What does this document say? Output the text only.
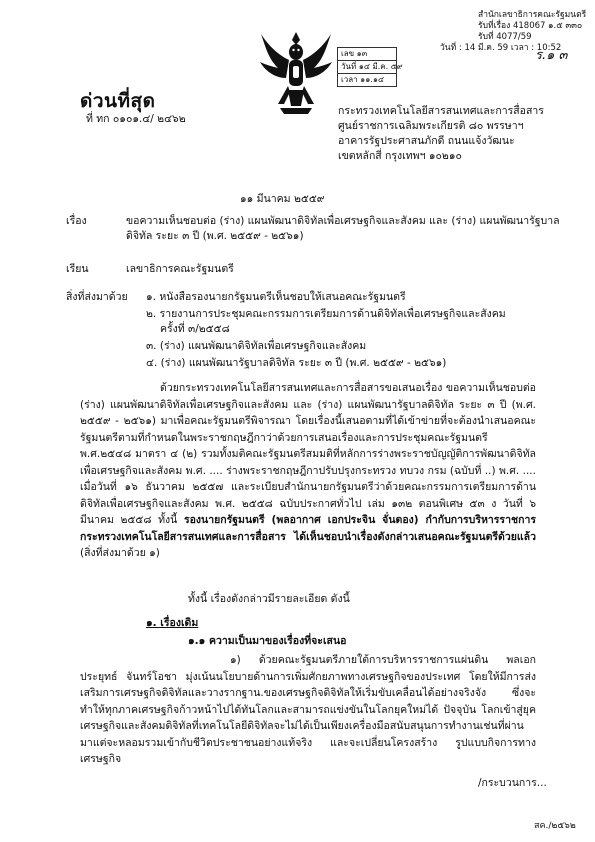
สำนักเลขาธิการคณะรัฐมนตรี
รับที่เรื่อง 418067 ๑.๕ ๓๓๐
รับที่ 4077/59
วันที่ : 14 มี.ค. 59 เวลา : 10:52
ร.๑ ๓
เลข ๑๓
วันที่ ๑๔ มี.ค. ๕๙
เวลา ๑๑.๑๔
ด่วนที่สุด
ที่ ทก ๐๑๐๑.๔/ ๒๔๖๒
กระทรวงเทคโนโลยีสารสนเทศและการสื่อสาร
ศูนย์ราชการเฉลิมพระเกียรติ ๘๐ พรรษาฯ
อาคารรัฐประศาสนภักดี ถนนแจ้งวัฒนะ
เขตหลักสี่ กรุงเทพฯ ๑๐๒๑๐
๑๑ มีนาคม ๒๕๕๙
เรื่อง	ขอความเห็นชอบต่อ (ร่าง) แผนพัฒนาดิจิทัลเพื่อเศรษฐกิจและสังคม และ (ร่าง) แผนพัฒนารัฐบาล
ดิจิทัล ระยะ ๓ ปี (พ.ศ. ๒๕๕๙ - ๒๕๖๑)
เรียน	เลขาธิการคณะรัฐมนตรี
สิ่งที่ส่งมาด้วย ๑. หนังสือรองนายกรัฐมนตรีเห็นชอบให้เสนอคณะรัฐมนตรี
๒. รายงานการประชุมคณะกรรมการเตรียมการด้านดิจิทัลเพื่อเศรษฐกิจและสังคม
ครั้งที่ ๓/๒๕๕๘
๓. (ร่าง) แผนพัฒนาดิจิทัลเพื่อเศรษฐกิจและสังคม
๔. (ร่าง) แผนพัฒนารัฐบาลดิจิทัล ระยะ ๓ ปี (พ.ศ. ๒๕๕๙ - ๒๕๖๑)
ด้วยกระทรวงเทคโนโลยีสารสนเทศและการสื่อสารขอเสนอเรื่อง ขอความเห็นชอบต่อ (ร่าง) แผนพัฒนาดิจิทัลเพื่อเศรษฐกิจและสังคม และ (ร่าง) แผนพัฒนารัฐบาลดิจิทัล ระยะ ๓ ปี (พ.ศ. ๒๕๕๙ - ๒๕๖๑) มาเพื่อคณะรัฐมนตรีพิจารณา โดยเรื่องนี้เสนอตามที่ได้เข้าข่ายที่จะต้องนำเสนอคณะรัฐมนตรีตามที่กำหนดในพระราชกฤษฎีกาว่าด้วยการเสนอเรื่องและการประชุมคณะรัฐมนตรี พ.ศ.๒๕๔๘ มาตรา ๔ (๒) รวมทั้งมติคณะรัฐมนตรีสมมติที่หลักการร่างพระราชบัญญัติการพัฒนาดิจิทัลเพื่อเศรษฐกิจและสังคม พ.ศ. .... ร่างพระราชกฤษฎีกาปรับปรุงกระทรวง ทบวง กรม (ฉบับที่ ..) พ.ศ. .... เมื่อวันที่ ๑๖ ธันวาคม ๒๕๕๗ และระเบียบสำนักนายกรัฐมนตรีว่าด้วยคณะกรรมการเตรียมการด้านดิจิทัลเพื่อเศรษฐกิจและสังคม พ.ศ. ๒๕๕๘ ฉบับประกาศทั่วไป เล่ม ๑๓๒ ตอนพิเศษ ๕๓ ง วันที่ ๖ มีนาคม ๒๕๕๘ ทั้งนี้ รองนายกรัฐมนตรี (พลอากาศ เอกประจิน จั่นตอง) กำกับการบริหารราชการกระทรวงเทคโนโลยีสารสนเทศและการสื่อสาร ได้เห็นชอบนำเรื่องดังกล่าวเสนอคณะรัฐมนตรีด้วยแล้ว (สิ่งที่ส่งมาด้วย ๑)
ทั้งนี้ เรื่องดังกล่าวมีรายละเอียด ดังนี้
๑. เรื่องเดิม
๑.๑ ความเป็นมาของเรื่องที่จะเสนอ
๑) ด้วยคณะรัฐมนตรีภายใต้การบริหารราชการแผ่นดิน พลเอก ประยุทธ์ จันทร์โอชา มุ่งเน้นนโยบายด้านการเพิ่มศักยภาพทางเศรษฐกิจของประเทศ โดยให้มีการส่งเสริมการเศรษฐกิจดิจิทัลและวางรากฐาน.ของเศรษฐกิจดิจิทัลให้เริ่มขับเคลื่อนได้อย่างจริงจัง ซึ่งจะทำให้ทุกภาคเศรษฐกิจก้าวหน้าไปได้ทันโลกและสามารถแข่งขันในโลกยุคใหม่ได้ ปัจจุบัน โลกเข้าสู่ยุคเศรษฐกิจและสังคมดิจิทัลที่เทคโนโลยีดิจิทัลจะไม่ได้เป็นเพียงเครื่องมือสนับสนุนการทำงานเช่นที่ผ่านมาแต่จะหลอมรวมเข้ากับชีวิตประชาชนอย่างแท้จริง และจะเปลี่ยนโครงสร้าง รูปแบบกิจการทางเศรษฐกิจ
/กระบวนการ...
สค./๒๕๖๒
